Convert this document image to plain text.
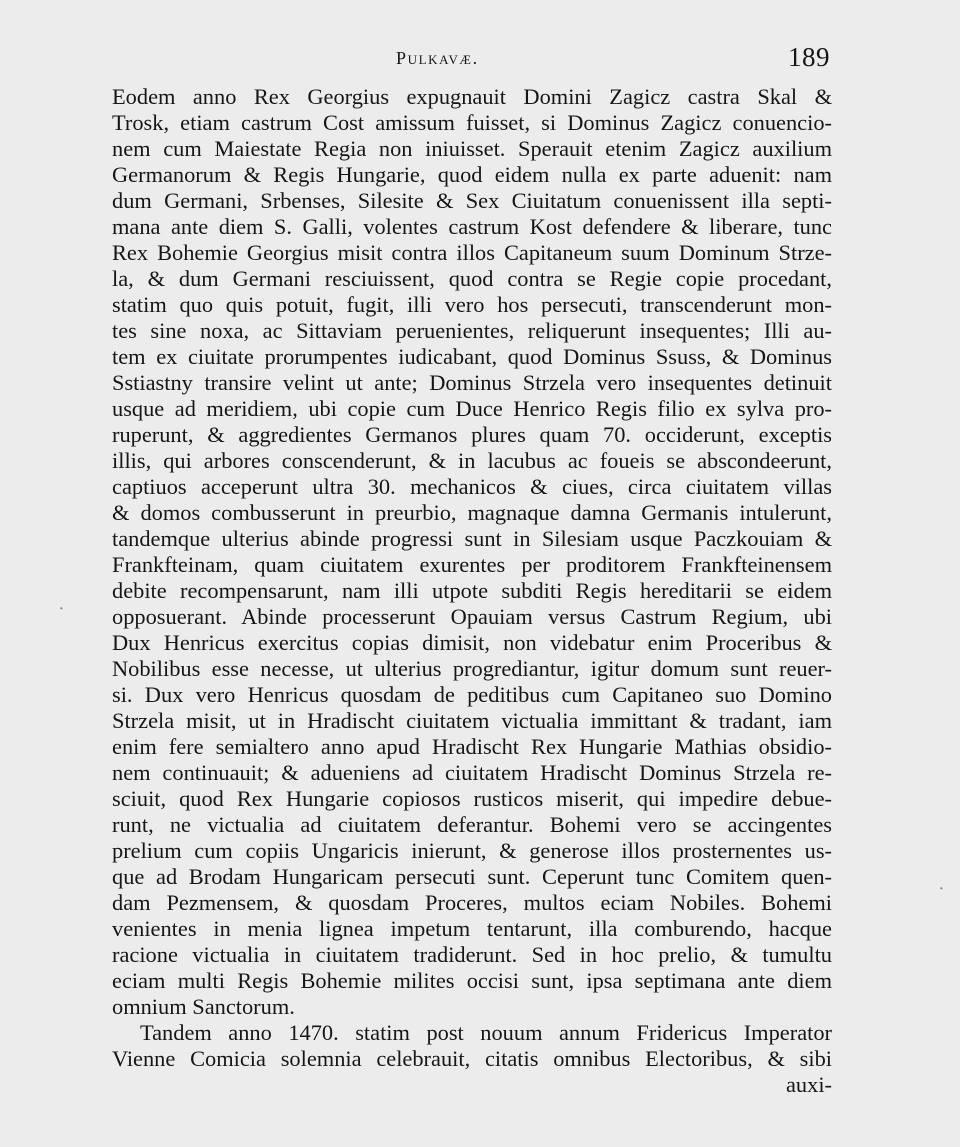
Pulkavæ.	189
Eodem anno Rex Georgius expugnauit Domini Zagicz castra Skal &
Trosk, etiam castrum Cost amissum fuisset, si Dominus Zagicz conuencio-
nem cum Maiestate Regia non iniuisset. Sperauit etenim Zagicz auxilium
Germanorum & Regis Hungarie, quod eidem nulla ex parte aduenit: nam
dum Germani, Srbenses, Silesite & Sex Ciuitatum conuenissent illa septi-
mana ante diem S. Galli, volentes castrum Kost defendere & liberare, tunc
Rex Bohemie Georgius misit contra illos Capitaneum suum Dominum Strze-
la, & dum Germani resciuissent, quod contra se Regie copie procedant,
statim quo quis potuit, fugit, illi vero hos persecuti, transcenderunt mon-
tes sine noxa, ac Sittaviam peruenientes, reliquerunt insequentes; Illi au-
tem ex ciuitate prorumpentes iudicabant, quod Dominus Ssuss, & Dominus
Sstiastny transire velint ut ante; Dominus Strzela vero insequentes detinuit
usque ad meridiem, ubi copie cum Duce Henrico Regis filio ex sylva pro-
ruperunt, & aggredientes Germanos plures quam 70. occiderunt, exceptis
illis, qui arbores conscenderunt, & in lacubus ac foueis se abscondeerunt,
captiuos acceperunt ultra 30. mechanicos & ciues, circa ciuitatem villas
& domos combusserunt in preurbio, magnaque damna Germanis intulerunt,
tandemque ulterius abinde progressi sunt in Silesiam usque Paczkouiam &
Frankfteinam, quam ciuitatem exurentes per proditorem Frankfteinensem
debite recompensarunt, nam illi utpote subditi Regis hereditarii se eidem
opposuerant. Abinde processerunt Opauiam versus Castrum Regium, ubi
Dux Henricus exercitus copias dimisit, non videbatur enim Proceribus &
Nobilibus esse necesse, ut ulterius progrediantur, igitur domum sunt reuer-
si. Dux vero Henricus quosdam de peditibus cum Capitaneo suo Domino
Strzela misit, ut in Hradischt ciuitatem victualia immittant & tradant, iam
enim fere semialtero anno apud Hradischt Rex Hungarie Mathias obsidio-
nem continuauit; & adueniens ad ciuitatem Hradischt Dominus Strzela re-
sciuit, quod Rex Hungarie copiosos rusticos miserit, qui impedire debue-
runt, ne victualia ad ciuitatem deferantur. Bohemi vero se accingentes
prelium cum copiis Ungaricis inierunt, & generose illos prosternentes us-
que ad Brodam Hungaricam persecuti sunt. Ceperunt tunc Comitem quen-
dam Pezmensem, & quosdam Proceres, multos eciam Nobiles. Bohemi
venientes in menia lignea impetum tentarunt, illa comburendo, hacque
racione victualia in ciuitatem tradiderunt. Sed in hoc prelio, & tumultu
eciam multi Regis Bohemie milites occisi sunt, ipsa septimana ante diem
omnium Sanctorum.
Tandem anno 1470. statim post nouum annum Fridericus Imperator
Vienne Comicia solemnia celebrauit, citatis omnibus Electoribus, & sibi
auxi-
·
·
